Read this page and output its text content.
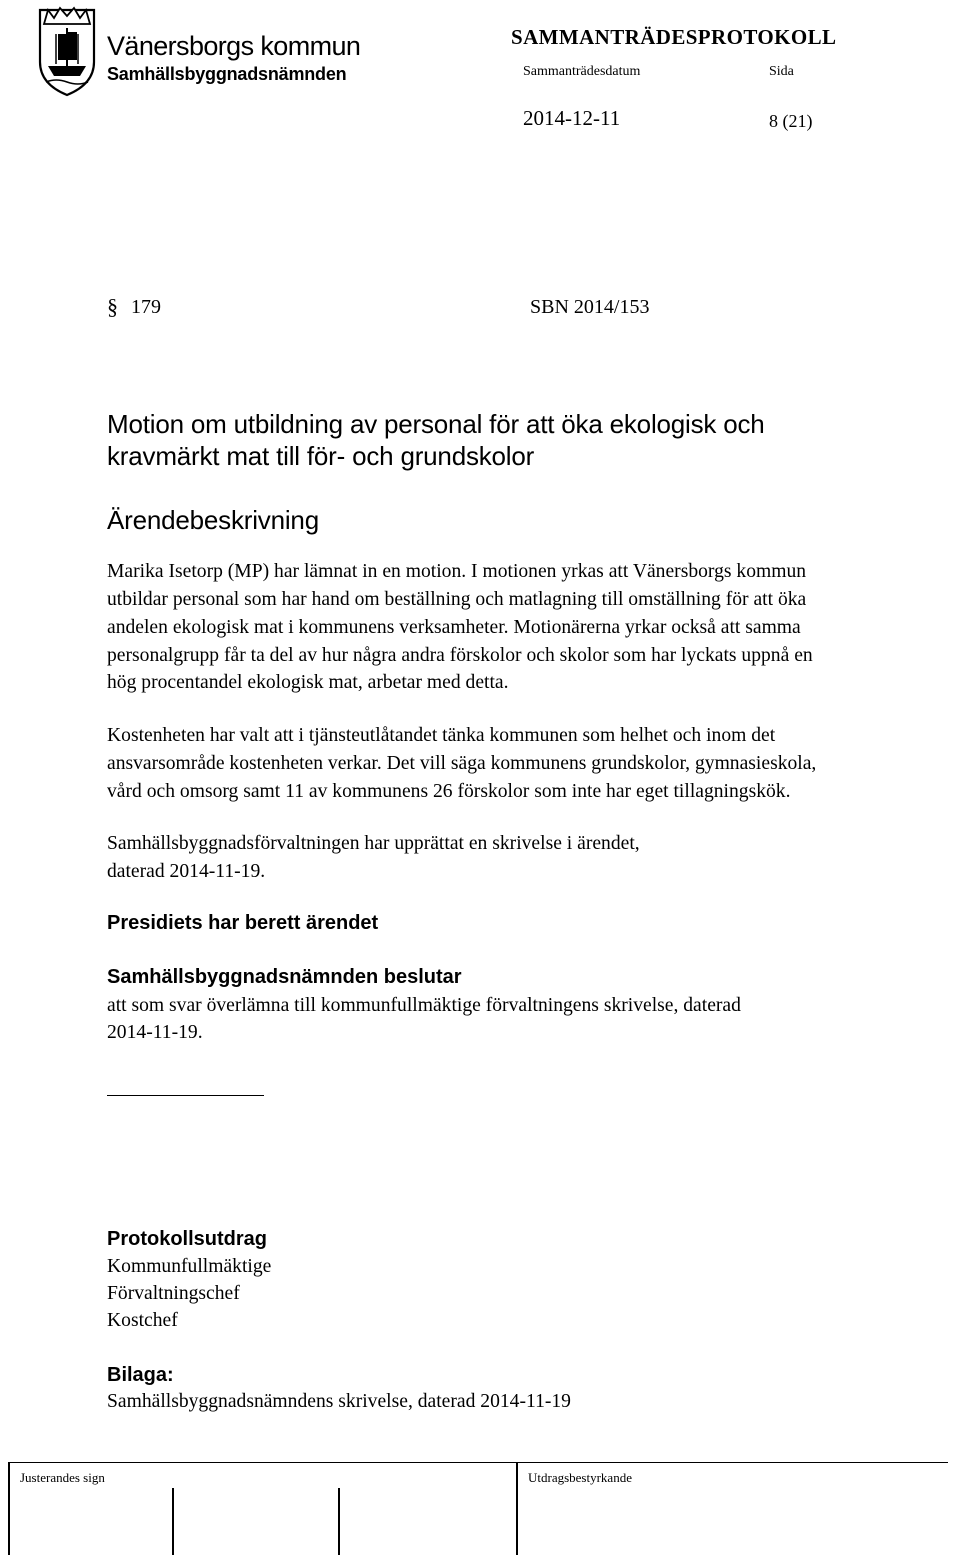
Vänersborgs kommun
Samhällsbyggnadsnämnden
SAMMANTRÄDESPROTOKOLL
Sammanträdesdatum	Sida
2014-12-11	8 (21)
§ 179	SBN 2014/153
Motion om utbildning av personal för att öka ekologisk och
kravmärkt mat till för- och grundskolor
Ärendebeskrivning
Marika Isetorp (MP) har lämnat in en motion. I motionen yrkas att Vänersborgs kommun
utbildar personal som har hand om beställning och matlagning till omställning för att öka
andelen ekologisk mat i kommunens verksamheter. Motionärerna yrkar också att samma
personalgrupp får ta del av hur några andra förskolor och skolor som har lyckats uppnå en
hög procentandel ekologisk mat, arbetar med detta.
Kostenheten har valt att i tjänsteutlåtandet tänka kommunen som helhet och inom det
ansvarsområde kostenheten verkar. Det vill säga kommunens grundskolor, gymnasieskola,
vård och omsorg samt 11 av kommunens 26 förskolor som inte har eget tillagningskök.
Samhällsbyggnadsförvaltningen har upprättat en skrivelse i ärendet,
daterad 2014-11-19.
Presidiets har berett ärendet
Samhällsbyggnadsnämnden beslutar
att som svar överlämna till kommunfullmäktige förvaltningens skrivelse, daterad
2014-11-19.
Protokollsutdrag
Kommunfullmäktige
Förvaltningschef
Kostchef
Bilaga:
Samhällsbyggnadsnämndens skrivelse, daterad 2014-11-19
Justerandes sign	Utdragsbestyrkande
